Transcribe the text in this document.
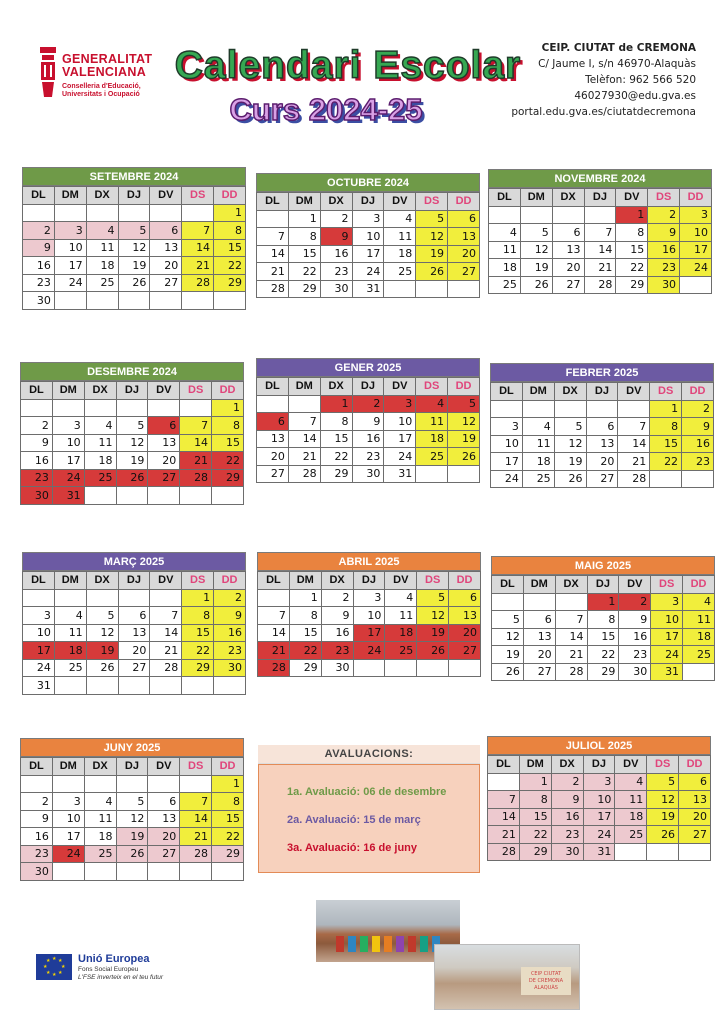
GENERALITAT
VALENCIANA
Conselleria d'Educació,
Universitats i Ocupació
Calendari Escolar
Curs 2024-25
CEIP. CIUTAT de CREMONA
C/ Jaume I, s/n 46970-Alaquàs
Telèfon: 962 566 520
46027930@edu.gva.es
portal.edu.gva.es/ciutatdecremona
SETEMBRE 2024
DL	DM	DX	DJ	DV	DS	DD
						1
2	3	4	5	6	7	8
9	10	11	12	13	14	15
16	17	18	19	20	21	22
23	24	25	26	27	28	29
30						
OCTUBRE 2024
DL	DM	DX	DJ	DV	DS	DD
	1	2	3	4	5	6
7	8	9	10	11	12	13
14	15	16	17	18	19	20
21	22	23	24	25	26	27
28	29	30	31			
NOVEMBRE 2024
DL	DM	DX	DJ	DV	DS	DD
				1	2	3
4	5	6	7	8	9	10
11	12	13	14	15	16	17
18	19	20	21	22	23	24
25	26	27	28	29	30	
DESEMBRE 2024
DL	DM	DX	DJ	DV	DS	DD
						1
2	3	4	5	6	7	8
9	10	11	12	13	14	15
16	17	18	19	20	21	22
23	24	25	26	27	28	29
30	31					
GENER 2025
DL	DM	DX	DJ	DV	DS	DD
		1	2	3	4	5
6	7	8	9	10	11	12
13	14	15	16	17	18	19
20	21	22	23	24	25	26
27	28	29	30	31		
FEBRER 2025
DL	DM	DX	DJ	DV	DS	DD
					1	2
3	4	5	6	7	8	9
10	11	12	13	14	15	16
17	18	19	20	21	22	23
24	25	26	27	28		
MARÇ 2025
DL	DM	DX	DJ	DV	DS	DD
					1	2
3	4	5	6	7	8	9
10	11	12	13	14	15	16
17	18	19	20	21	22	23
24	25	26	27	28	29	30
31						
ABRIL 2025
DL	DM	DX	DJ	DV	DS	DD
	1	2	3	4	5	6
7	8	9	10	11	12	13
14	15	16	17	18	19	20
21	22	23	24	25	26	27
28	29	30				
MAIG 2025
DL	DM	DX	DJ	DV	DS	DD
			1	2	3	4
5	6	7	8	9	10	11
12	13	14	15	16	17	18
19	20	21	22	23	24	25
26	27	28	29	30	31	
JUNY 2025
DL	DM	DX	DJ	DV	DS	DD
						1
2	3	4	5	6	7	8
9	10	11	12	13	14	15
16	17	18	19	20	21	22
23	24	25	26	27	28	29
30						
JULIOL 2025
DL	DM	DX	DJ	DV	DS	DD
	1	2	3	4	5	6
7	8	9	10	11	12	13
14	15	16	17	18	19	20
21	22	23	24	25	26	27
28	29	30	31			
AVALUACIONS:
1a. Avaluació: 06 de desembre
2a. Avaluació: 15 de març
3a. Avaluació: 16 de juny
CEIP CIUTAT
DE CREMONA
ALAQUÀS
★ ★
★
★
★
★
★
★	Unió Europea
Fons Social Europeu
L'FSE inverteix en el teu futur
